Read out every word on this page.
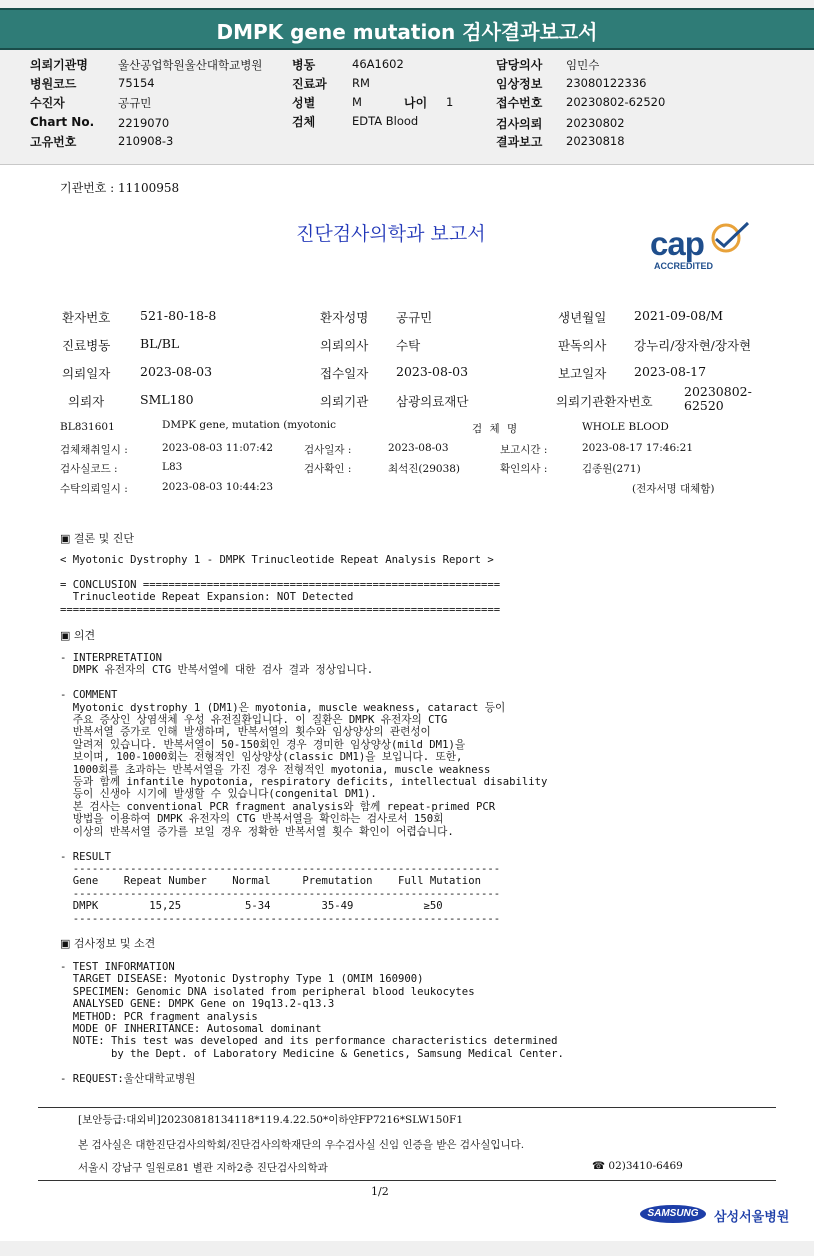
DMPK gene mutation 검사결과보고서
의뢰기관명	울산공업학원울산대학교병원 병동	46A1602	담당의사 임민수
병원코드	75154	진료과 RM	임상정보 23080122336
수진자	공규민	성별	M	나이 1	접수번호 20230802-62520
Chart No. 2219070	검체	EDTA Blood	검사의뢰 20230802
고유번호	210908-3	결과보고 20230818
기관번호 : 11100958
진단검사의학과 보고서	cap
ACCREDITED
환자번호 521-80-18-8	환자성명 공규민	생년월일 2021-09-08/M
진료병동 BL/BL	의뢰의사 수탁	판독의사 강누리/장자현/장자현
의뢰일자 2023-08-03	접수일자 2023-08-03	보고일자 2023-08-17
의뢰자	SML180	의뢰기관 삼광의료재단	의뢰기관환자번호
20230802-
62520
BL831601	DMPK gene, mutation (myotonic	검 체 명	WHOLE BLOOD
검체채취일시 :	2023-08-03 11:07:42	검사일자 :	2023-08-03	보고시간 :	2023-08-17 17:46:21
검사실코드 :	L83	검사확인 :	최석진(29038)	확인의사 :	김종원(271)
수탁의뢰일시 :	2023-08-03 10:44:23	(전자서명 대체함)
▣ 결론 및 진단
< Myotonic Dystrophy 1 - DMPK Trinucleotide Repeat Analysis Report >

= CONCLUSION ========================================================
Trinucleotide Repeat Expansion: NOT Detected
=====================================================================
▣ 의견
- INTERPRETATION
DMPK 유전자의 CTG 반복서열에 대한 검사 결과 정상입니다.

- COMMENT
Myotonic dystrophy 1 (DM1)은 myotonia, muscle weakness, cataract 등이
주요 증상인 상염색체 우성 유전질환입니다. 이 질환은 DMPK 유전자의 CTG
반복서열 증가로 인해 발생하며, 반복서열의 횟수와 임상양상의 관련성이
알려져 있습니다. 반복서열이 50-150회인 경우 경미한 임상양상(mild DM1)을
보이며, 100-1000회는 전형적인 임상양상(classic DM1)을 보입니다. 또한,
1000회를 초과하는 반복서열을 가진 경우 전형적인 myotonia, muscle weakness
등과 함께 infantile hypotonia, respiratory deficits, intellectual disability
등이 신생아 시기에 발생할 수 있습니다(congenital DM1).
본 검사는 conventional PCR fragment analysis와 함께 repeat-primed PCR
방법을 이용하여 DMPK 유전자의 CTG 반복서열을 확인하는 검사로서 150회
이상의 반복서열 증가를 보일 경우 정확한 반복서열 횟수 확인이 어렵습니다.

- RESULT
-------------------------------------------------------------------
Gene    Repeat Number    Normal     Premutation    Full Mutation
-------------------------------------------------------------------
DMPK        15,25          5-34        35-49           ≥50
-------------------------------------------------------------------
▣ 검사정보 및 소견
- TEST INFORMATION
TARGET DISEASE: Myotonic Dystrophy Type 1 (OMIM 160900)
SPECIMEN: Genomic DNA isolated from peripheral blood leukocytes
ANALYSED GENE: DMPK Gene on 19q13.2-q13.3
METHOD: PCR fragment analysis
MODE OF INHERITANCE: Autosomal dominant
NOTE: This test was developed and its performance characteristics determined
by the Dept. of Laboratory Medicine & Genetics, Samsung Medical Center.

- REQUEST:울산대학교병원
[보안등급:대외비]20230818134118*119.4.22.50*이하얀FP7216*SLW150F1
본 검사실은 대한진단검사의학회/진단검사의학재단의 우수검사실 신임 인증을 받은 검사실입니다.
서울시 강남구 일원로81 별관 지하2층 진단검사의학과	☎ 02)3410-6469
1/2
SAMSUNG	삼성서울병원
